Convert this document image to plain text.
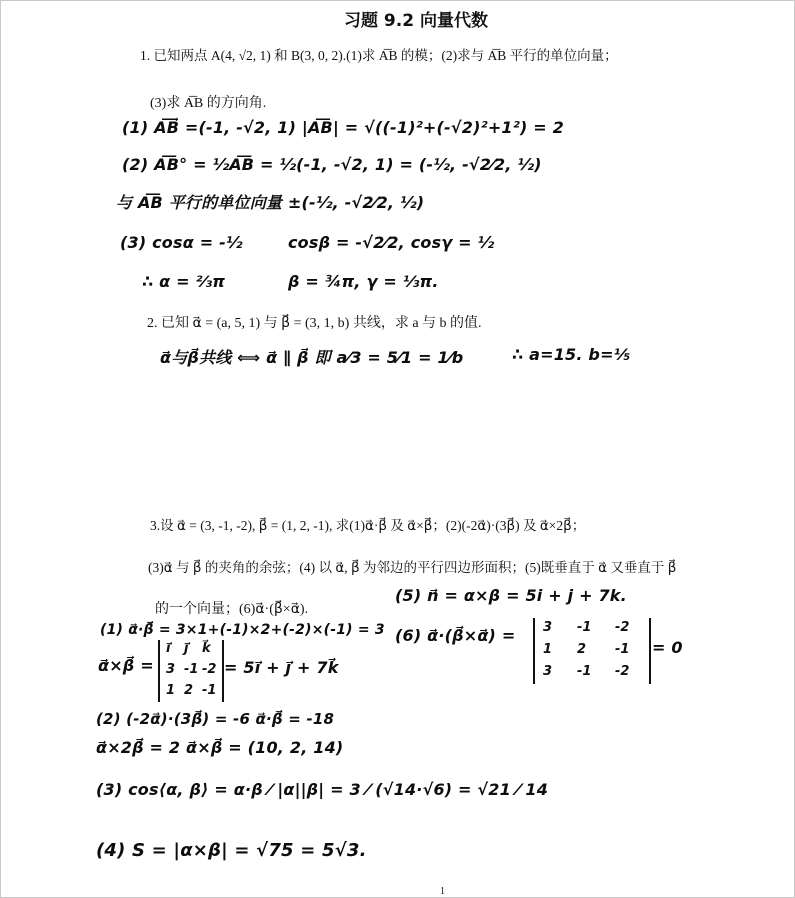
习题 9.2 向量代数
1. 已知两点 A(4, √2, 1) 和 B(3, 0, 2).(1)求 A͞B 的模；(2)求与 A͞B 平行的单位向量；
(3)求 A͞B 的方向角.
(1) A͞B⃗ =(-1, -√2, 1) |A͞B| = √((-1)²+(-√2)²+1²) = 2
(2) A͞B° = ½A͞B = ½(-1, -√2, 1) = (-½, -√2⁄2, ½)
与 A͞B 平行的单位向量 ±(-½, -√2⁄2, ½)
(3) cosα = -½	cosβ = -√2⁄2, cosγ = ½
∴ α = ⅔π	β = ¾π, γ = ⅓π.
2. 已知 α⃗ = (a, 5, 1) 与 β⃗ = (3, 1, b) 共线，求 a 与 b 的值.
α⃗与β⃗共线 ⟺ α⃗ ∥ β⃗ 即 a⁄3 = 5⁄1 = 1⁄b	∴ a=15. b=⅕
3.设 α⃗ = (3, -1, -2), β⃗ = (1, 2, -1), 求(1)α⃗·β⃗ 及 α⃗×β⃗；(2)(-2α⃗)·(3β⃗) 及 α⃗×2β⃗；
(3)α⃗ 与 β⃗ 的夹角的余弦；(4) 以 α⃗, β⃗ 为邻边的平行四边形面积；(5)既垂直于 α⃗ 又垂直于 β⃗
的一个向量；(6)α⃗·(β⃗×α⃗).
(5) n⃗ = α×β = 5i + j + 7k.
(6) α⃗·(β⃗×α⃗) = 3 -1 -2
1 2 -1
3 -1 -2
= 0
(1) α⃗·β⃗ = 3×1+(-1)×2+(-2)×(-1) = 3
α⃗×β⃗ =
i⃗ j⃗ k⃗
3 -1 -2
1 2 -1
= 5i⃗ + j⃗ + 7k⃗
(2) (-2α⃗)·(3β⃗) = -6 α⃗·β⃗ = -18
α⃗×2β⃗ = 2 α⃗×β⃗ = (10, 2, 14)
(3) cos⟨α, β⟩ = α·β ⁄ |α||β| = 3 ⁄ (√14·√6) = √21 ⁄ 14
(4) S = |α×β| = √75 = 5√3.
1
